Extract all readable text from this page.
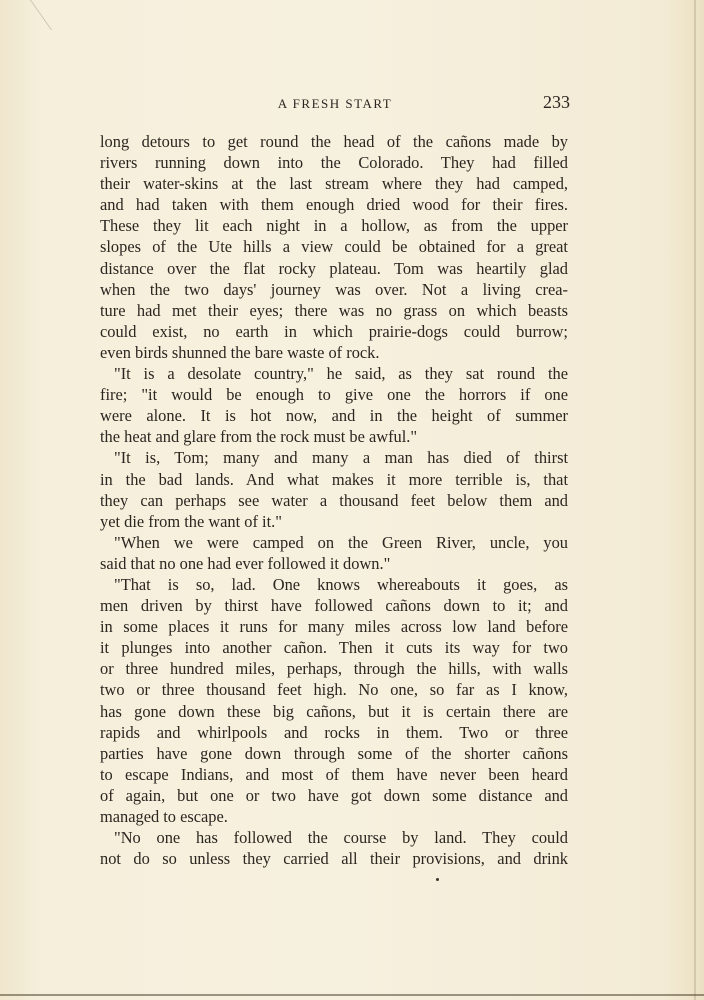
A FRESH START	233
long detours to get round the head of the cañons made by
rivers running down into the Colorado. They had filled
their water-skins at the last stream where they had camped,
and had taken with them enough dried wood for their fires.
These they lit each night in a hollow, as from the upper
slopes of the Ute hills a view could be obtained for a great
distance over the flat rocky plateau. Tom was heartily glad
when the two days' journey was over. Not a living crea-
ture had met their eyes; there was no grass on which beasts
could exist, no earth in which prairie-dogs could burrow;
even birds shunned the bare waste of rock.
"It is a desolate country," he said, as they sat round the
fire; "it would be enough to give one the horrors if one
were alone. It is hot now, and in the height of summer
the heat and glare from the rock must be awful."
"It is, Tom; many and many a man has died of thirst
in the bad lands. And what makes it more terrible is, that
they can perhaps see water a thousand feet below them and
yet die from the want of it."
"When we were camped on the Green River, uncle, you
said that no one had ever followed it down."
"That is so, lad. One knows whereabouts it goes, as
men driven by thirst have followed cañons down to it; and
in some places it runs for many miles across low land before
it plunges into another cañon. Then it cuts its way for two
or three hundred miles, perhaps, through the hills, with walls
two or three thousand feet high. No one, so far as I know,
has gone down these big cañons, but it is certain there are
rapids and whirlpools and rocks in them. Two or three
parties have gone down through some of the shorter cañons
to escape Indians, and most of them have never been heard
of again, but one or two have got down some distance and
managed to escape.
"No one has followed the course by land. They could
not do so unless they carried all their provisions, and drink
